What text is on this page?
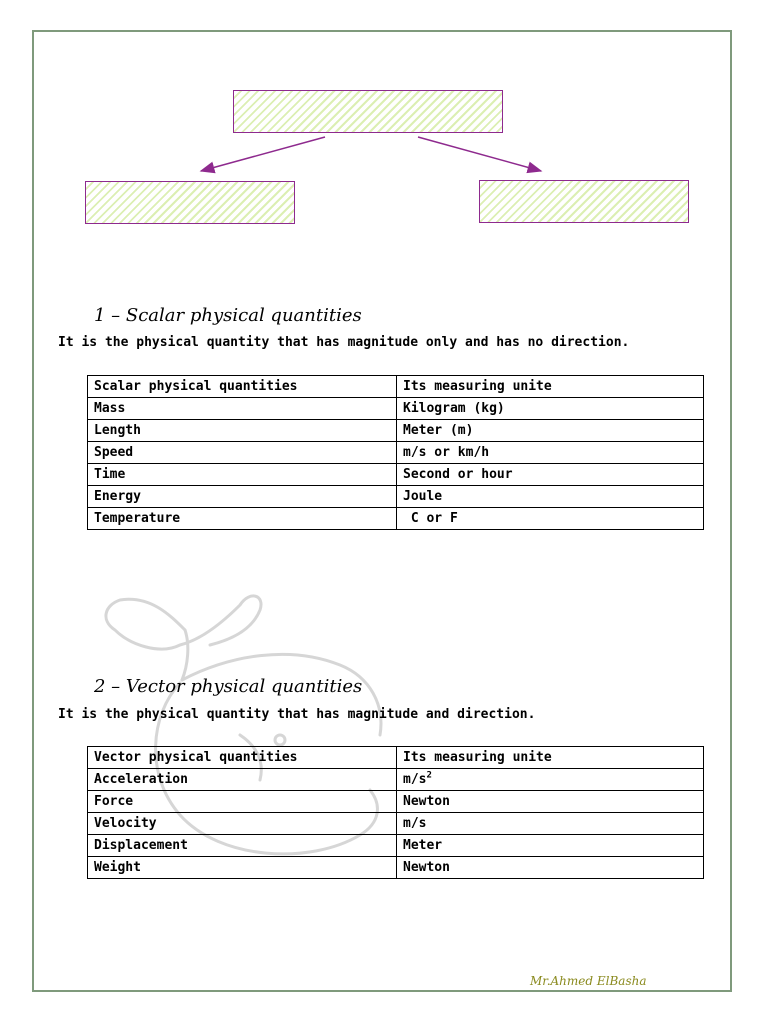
1 – Scalar physical quantities
It is the physical quantity that has magnitude only and has no direction.
Scalar physical quantities	Its measuring unite
Mass	Kilogram (kg)
Length	Meter (m)
Speed	m/s or km/h
Time	Second or hour
Energy	Joule
Temperature	C or F
2 – Vector physical quantities
It is the physical quantity that has magnitude and direction.
Vector physical quantities	Its measuring unite
Acceleration	$m/s^2$
Force	Newton
Velocity	m/s
Displacement	Meter
Weight	Newton
Mr.Ahmed ElBasha
